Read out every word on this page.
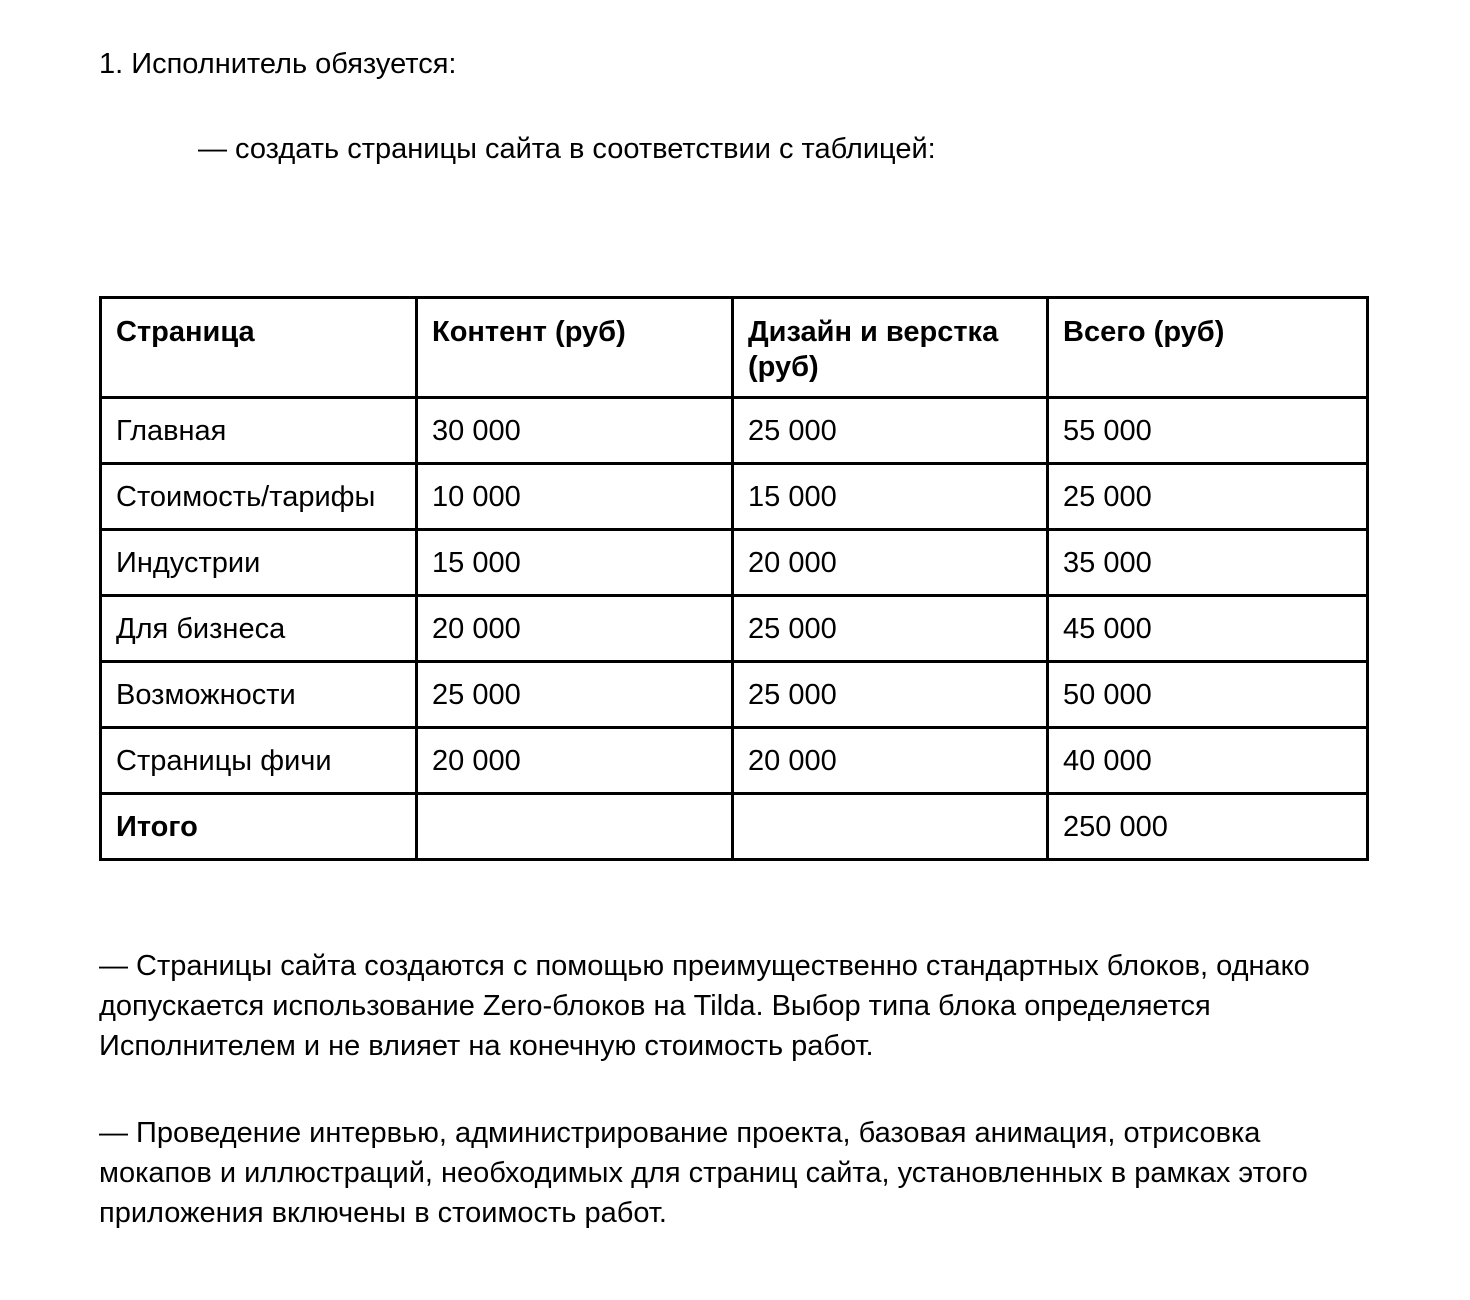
1. Исполнитель обязуется:
— создать страницы сайта в соответствии с таблицей:
Страница	Контент (руб)	Дизайн и верстка (руб)	Всего (руб)
Главная	30 000	25 000	55 000
Стоимость/тарифы	10 000	15 000	25 000
Индустрии	15 000	20 000	35 000
Для бизнеса	20 000	25 000	45 000
Возможности	25 000	25 000	50 000
Страницы фичи	20 000	20 000	40 000
Итого			250 000
— Страницы сайта создаются с помощью преимущественно стандартных блоков, однако допускается использование Zero-блоков на Tilda. Выбор типа блока определяется Исполнителем и не влияет на конечную стоимость работ.
— Проведение интервью, администрирование проекта, базовая анимация, отрисовка мокапов и иллюстраций, необходимых для страниц сайта, установленных в рамках этого приложения включены в стоимость работ.
